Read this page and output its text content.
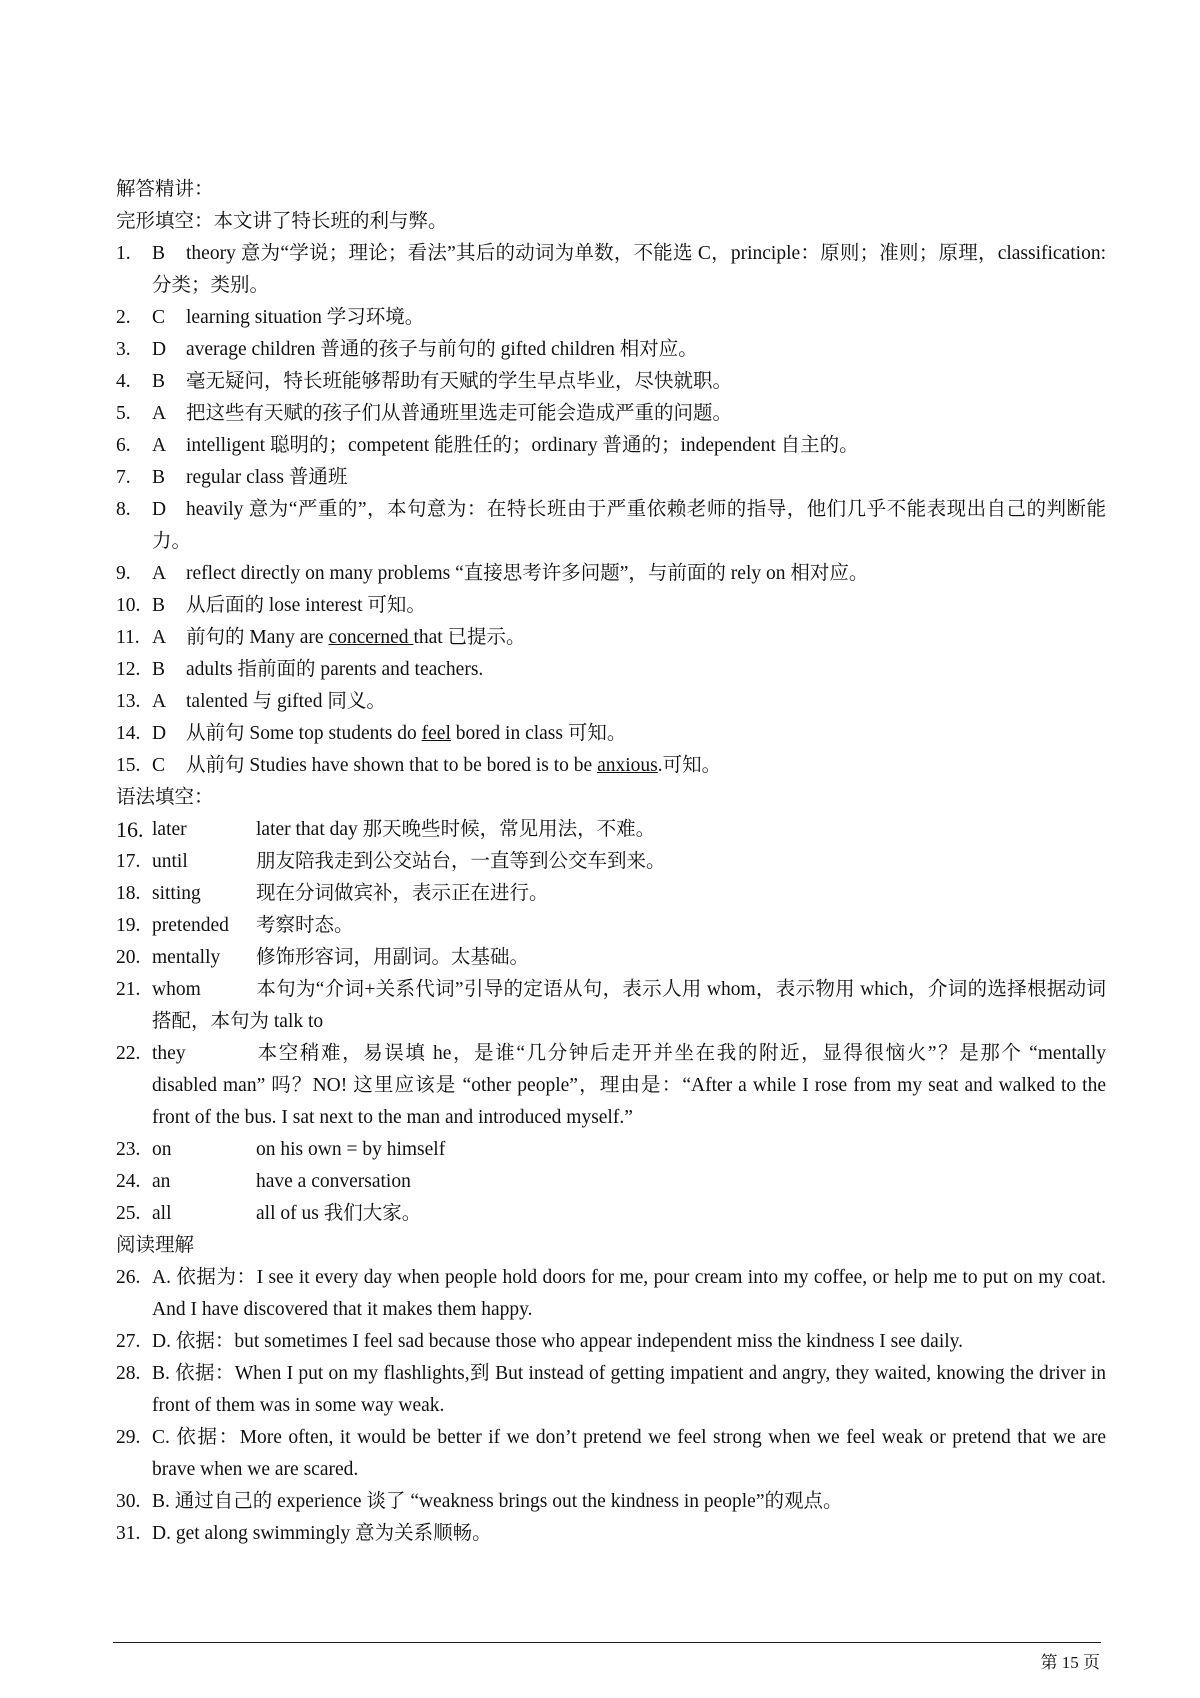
解答精讲：
完形填空：本文讲了特长班的利与弊。
1. B theory 意为“学说；理论；看法”其后的动词为单数，不能选 C，principle：原则；准则；原理，classification: 分类；类别。
2. C learning situation 学习环境。
3. D average children 普通的孩子与前句的 gifted children 相对应。
4. B 毫无疑问，特长班能够帮助有天赋的学生早点毕业，尽快就职。
5. A 把这些有天赋的孩子们从普通班里选走可能会造成严重的问题。
6. A intelligent 聪明的；competent 能胜任的；ordinary 普通的；independent 自主的。
7. B regular class 普通班
8. D heavily 意为“严重的”，本句意为：在特长班由于严重依赖老师的指导，他们几乎不能表现出自己的判断能力。
9. A reflect directly on many problems “直接思考许多问题”，与前面的 rely on 相对应。
10. B 从后面的 lose interest 可知。
11. A 前句的 Many are concerned that 已提示。
12. B adults 指前面的 parents and teachers.
13. A talented 与 gifted 同义。
14. D 从前句 Some top students do feel bored in class 可知。
15. C 从前句 Studies have shown that to be bored is to be anxious.可知。
语法填空：
16. later	later that day 那天晚些时候，常见用法，不难。
17. until	朋友陪我走到公交站台，一直等到公交车到来。
18. sitting	现在分词做宾补，表示正在进行。
19. pretended 考察时态。
20. mentally 修饰形容词，用副词。太基础。
21. whom	本句为“介词+关系代词”引导的定语从句，表示人用 whom，表示物用 which，介词的选择根据动词搭配，本句为 talk to
22. they	本空稍难，易误填 he，是谁“几分钟后走开并坐在我的附近，显得很恼火”？是那个 “mentally disabled man” 吗？NO! 这里应该是 “other people”，理由是：“After a while I rose from my seat and walked to the front of the bus. I sat next to the man and introduced myself.”
23. on	on his own = by himself
24. an	have a conversation
25. all	all of us 我们大家。
阅读理解
26. A. 依据为：I see it every day when people hold doors for me, pour cream into my coffee, or help me to put on my coat. And I have discovered that it makes them happy.
27. D. 依据：but sometimes I feel sad because those who appear independent miss the kindness I see daily.
28. B. 依据：When I put on my flashlights,到 But instead of getting impatient and angry, they waited, knowing the driver in front of them was in some way weak.
29. C. 依据：More often, it would be better if we don’t pretend we feel strong when we feel weak or pretend that we are brave when we are scared.
30. B. 通过自己的 experience 谈了 “weakness brings out the kindness in people”的观点。
31. D. get along swimmingly 意为关系顺畅。
第 15 页
